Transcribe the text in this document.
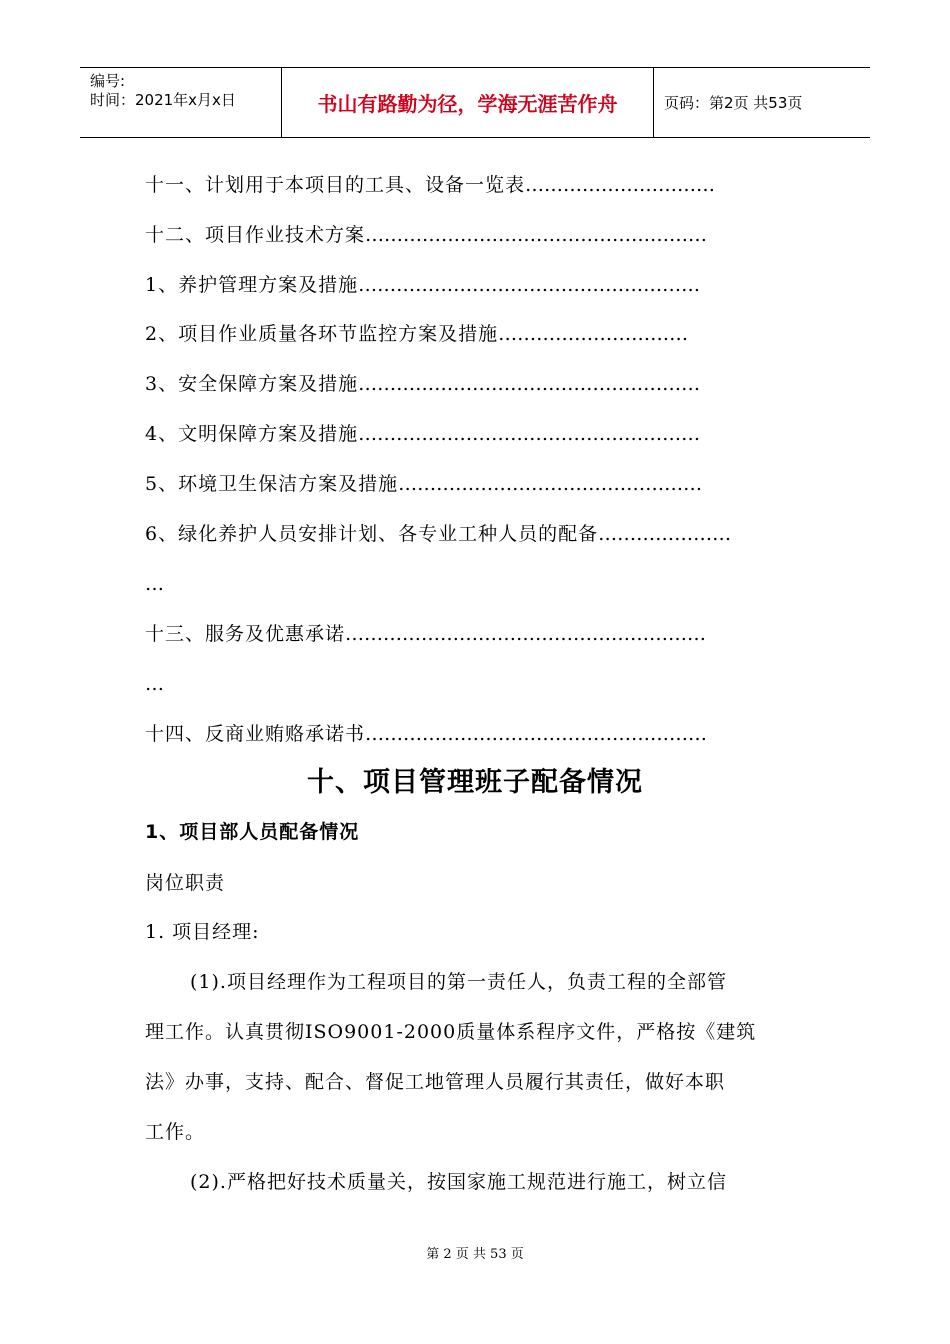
编号:
时间：2021年x月x日	书山有路勤为径，学海无涯苦作舟	页码：第2页 共53页
十一、计划用于本项目的工具、设备一览表…………………………
十二、项目作业技术方案………………………………………………
1、养护管理方案及措施………………………………………………
2、项目作业质量各环节监控方案及措施…………………………
3、安全保障方案及措施………………………………………………
4、文明保障方案及措施………………………………………………
5、环境卫生保洁方案及措施…………………………………………
6、绿化养护人员安排计划、各专业工种人员的配备…………………
…
十三、服务及优惠承诺…………………………………………………
…
十四、反商业贿赂承诺书………………………………………………
十、项目管理班子配备情况
1、项目部人员配备情况
岗位职责
1. 项目经理:
(1).项目经理作为工程项目的第一责任人，负责工程的全部管
理工作。认真贯彻ISO9001-2000质量体系程序文件，严格按《建筑
法》办事，支持、配合、督促工地管理人员履行其责任，做好本职
工作。
(2).严格把好技术质量关，按国家施工规范进行施工，树立信
第 2 页 共 53 页
